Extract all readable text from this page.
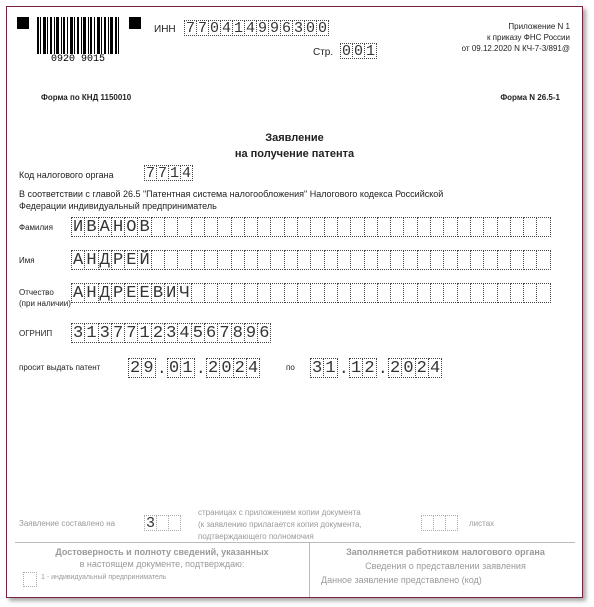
0920 9015
ИНН 7 7 0 4 1 4 9 9 6 3 0 0
Стр. 0 0 1
Приложение N 1
к приказу ФНС России
от 09.12.2020 N КЧ-7-3/891@
Форма по КНД 1150010	Форма N 26.5-1
Заявление
на получение патента
Код налогового органа 7 7 1 4
В соответствии с главой 26.5 "Патентная система налогообложения" Налогового кодекса Российской
Федерации индивидуальный предприниматель
Фамилия И В А Н О В
Имя А Н Д Р Е Й
Отчество
(при наличии)
А Н Д Р Е Е В И Ч
ОГРНИП 3 1 3 7 7 1 2 3 4 5 6 7 8 9 6
просит выдать патент	2 9 . 0 1 . 2 0 2 4	по 3 1 . 1 2 . 2 0 2 4
Заявление составлено на	3
страницах с приложением копии документа
(к заявлению прилагается копия документа,
подтверждающего полномочия
листах
Достоверность и полноту сведений, указанных
в настоящем документе, подтверждаю:
1 - индивидуальный предприниматель
Заполняется работником налогового органа
Сведения о представлении заявления
Данное заявление представлено (код)
